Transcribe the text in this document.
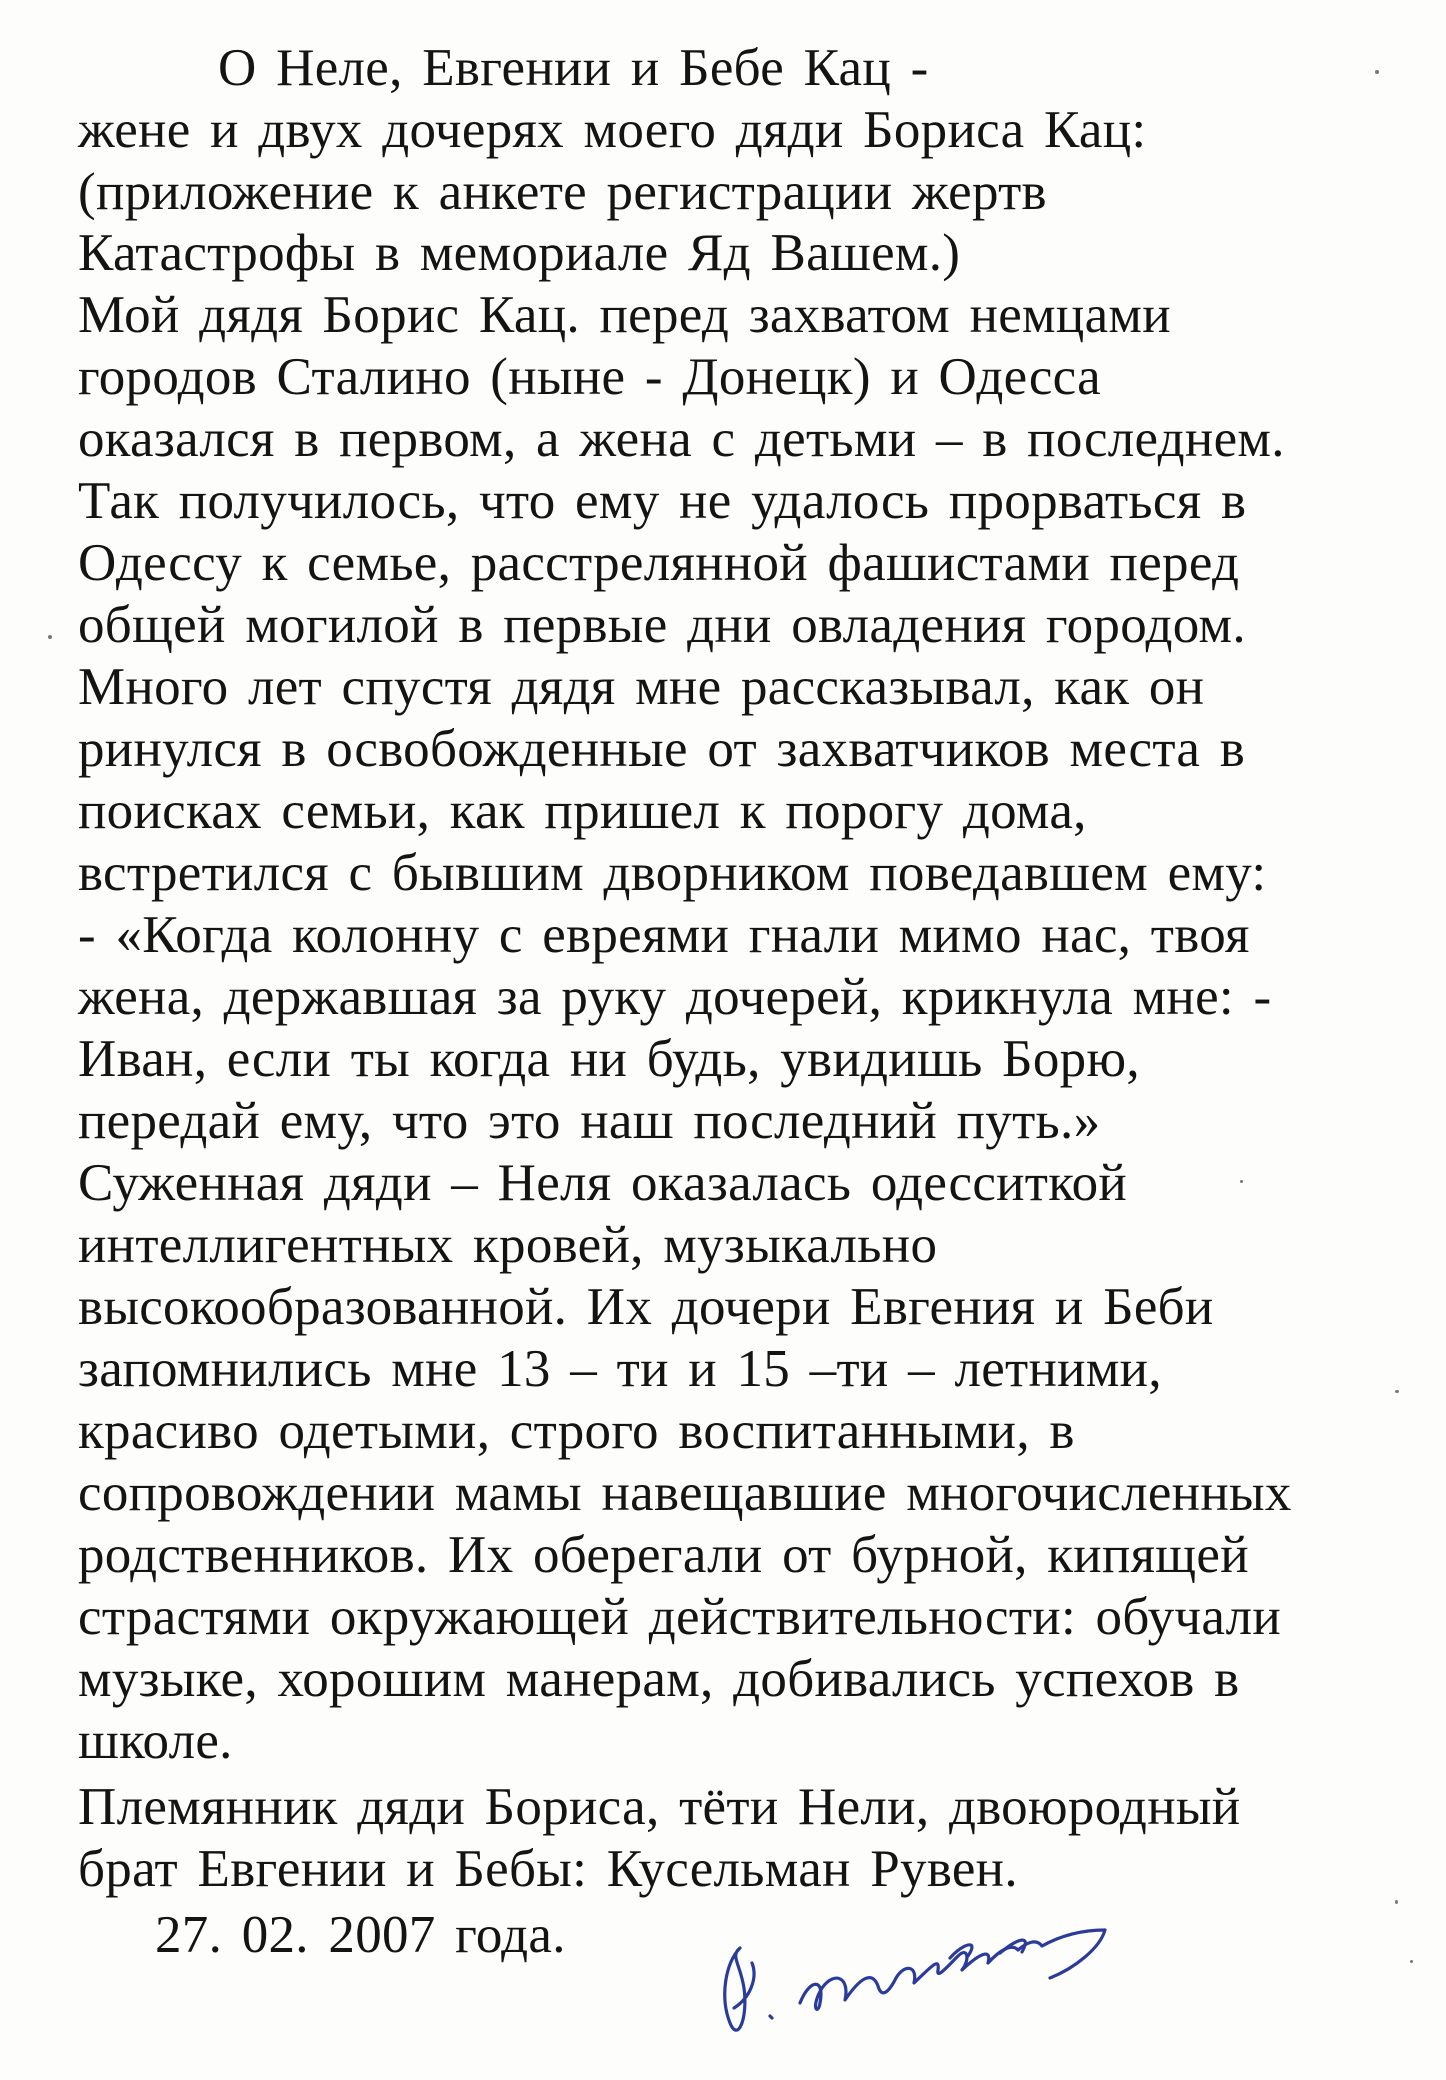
О Неле, Евгении и Бебе Кац -
жене и двух дочерях моего дяди Бориса Кац:
(приложение к анкете регистрации жертв
Катастрофы в мемориале Яд Вашем.)
Мой дядя Борис Кац. перед захватом немцами
городов Сталино (ныне - Донецк) и Одесса
оказался в первом, а жена с детьми – в последнем.
Так получилось, что ему не удалось прорваться в
Одессу к семье, расстрелянной фашистами перед
общей могилой в первые дни овладения городом.
Много лет спустя дядя мне рассказывал, как он
ринулся в освобожденные от захватчиков места в
поисках семьи, как пришел к порогу дома,
встретился с бывшим дворником поведавшем ему:
- «Когда колонну с евреями гнали мимо нас, твоя
жена, державшая за руку дочерей, крикнула мне: -
Иван, если ты когда ни будь, увидишь Борю,
передай ему, что это наш последний путь.»
Суженная дяди – Неля оказалась одесситкой
интеллигентных кровей, музыкально
высокообразованной. Их дочери Евгения и Беби
запомнились мне 13 – ти и 15 –ти – летними,
красиво одетыми, строго воспитанными, в
сопровождении мамы навещавшие многочисленных
родственников. Их оберегали от бурной, кипящей
страстями окружающей действительности: обучали
музыке, хорошим манерам, добивались успехов в
школе.
Племянник дяди Бориса, тёти Нели, двоюродный
брат Евгении и Бебы: Кусельман Рувен.
27. 02. 2007 года.
